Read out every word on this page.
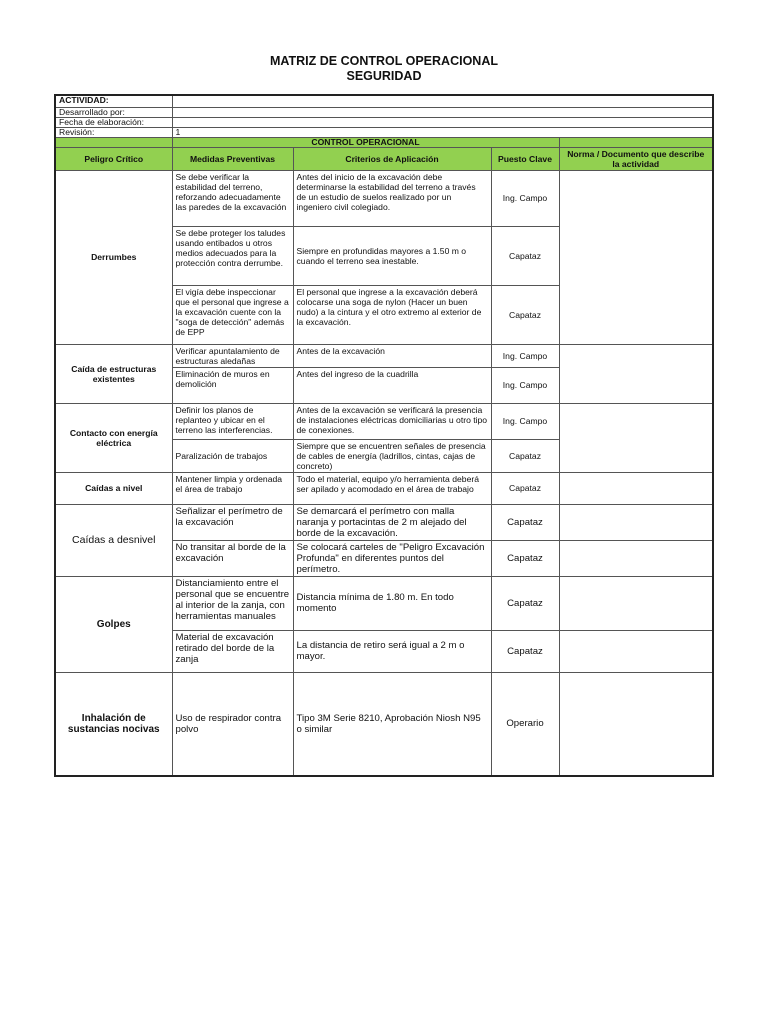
MATRIZ DE CONTROL OPERACIONAL
SEGURIDAD
ACTIVIDAD:				
Desarrollado por:				
Fecha de elaboración:				
Revisión:	1			
	CONTROL OPERACIONAL			
Peligro Crítico	Medidas Preventivas	Criterios de Aplicación	Puesto Clave	Norma / Documento que describe la actividad
Derrumbes	Se debe verificar la estabilidad del terreno, reforzando adecuadamente las paredes de la excavación	Antes del inicio de la excavación debe determinarse la estabilidad del terreno a través de un estudio de suelos realizado por un ingeniero civil colegiado.	Ing. Campo	
	Se debe proteger los taludes usando entibados u otros medios adecuados para la protección contra derrumbe.	Siempre en profundidas mayores a 1.50 m o cuando el terreno sea inestable.	Capataz	
	El vigía debe inspeccionar que el personal que ingrese a la excavación cuente con la "soga de detección" además de EPP	El personal que ingrese a la excavación deberá colocarse una soga de nylon (Hacer un buen nudo) a la cintura y el otro extremo al exterior de la excavación.	Capataz	
Caída de estructuras existentes	Verificar apuntalamiento de estructuras aledañas	Antes de la excavación	Ing. Campo	
	Eliminación de muros en demolición	Antes del ingreso de la cuadrilla	Ing. Campo	
Contacto con energía eléctrica	Definir los planos de replanteo y ubicar en el terreno las interferencias.	Antes de la excavación se verificará la presencia de instalaciones eléctricas domiciliarias u otro tipo de conexiones.	Ing. Campo	
	Paralización de trabajos	Siempre que se encuentren señales de presencia de cables de energía (ladrillos, cintas, cajas de concreto)	Capataz	
Caídas a nivel	Mantener limpia y ordenada el área de trabajo	Todo el material, equipo y/o herramienta deberá ser apilado y acomodado en el área de trabajo	Capataz	
Caídas a desnivel	Señalizar el perímetro de la excavación	Se demarcará el perímetro con malla naranja y portacintas de 2 m alejado del borde de la excavación.	Capataz	
	No transitar al borde de la excavación	Se colocará carteles de "Peligro Excavación Profunda" en diferentes puntos del perímetro.	Capataz	
Golpes	Distanciamiento entre el personal que se encuentre al interior de la zanja, con herramientas manuales	Distancia mínima de 1.80 m. En todo momento	Capataz	
	Material de excavación retirado del borde de la zanja	La distancia de retiro será igual a 2 m o mayor.	Capataz	
Inhalación de sustancias nocivas	Uso de respirador contra polvo	Tipo 3M Serie 8210, Aprobación Niosh N95 o similar	Operario	
